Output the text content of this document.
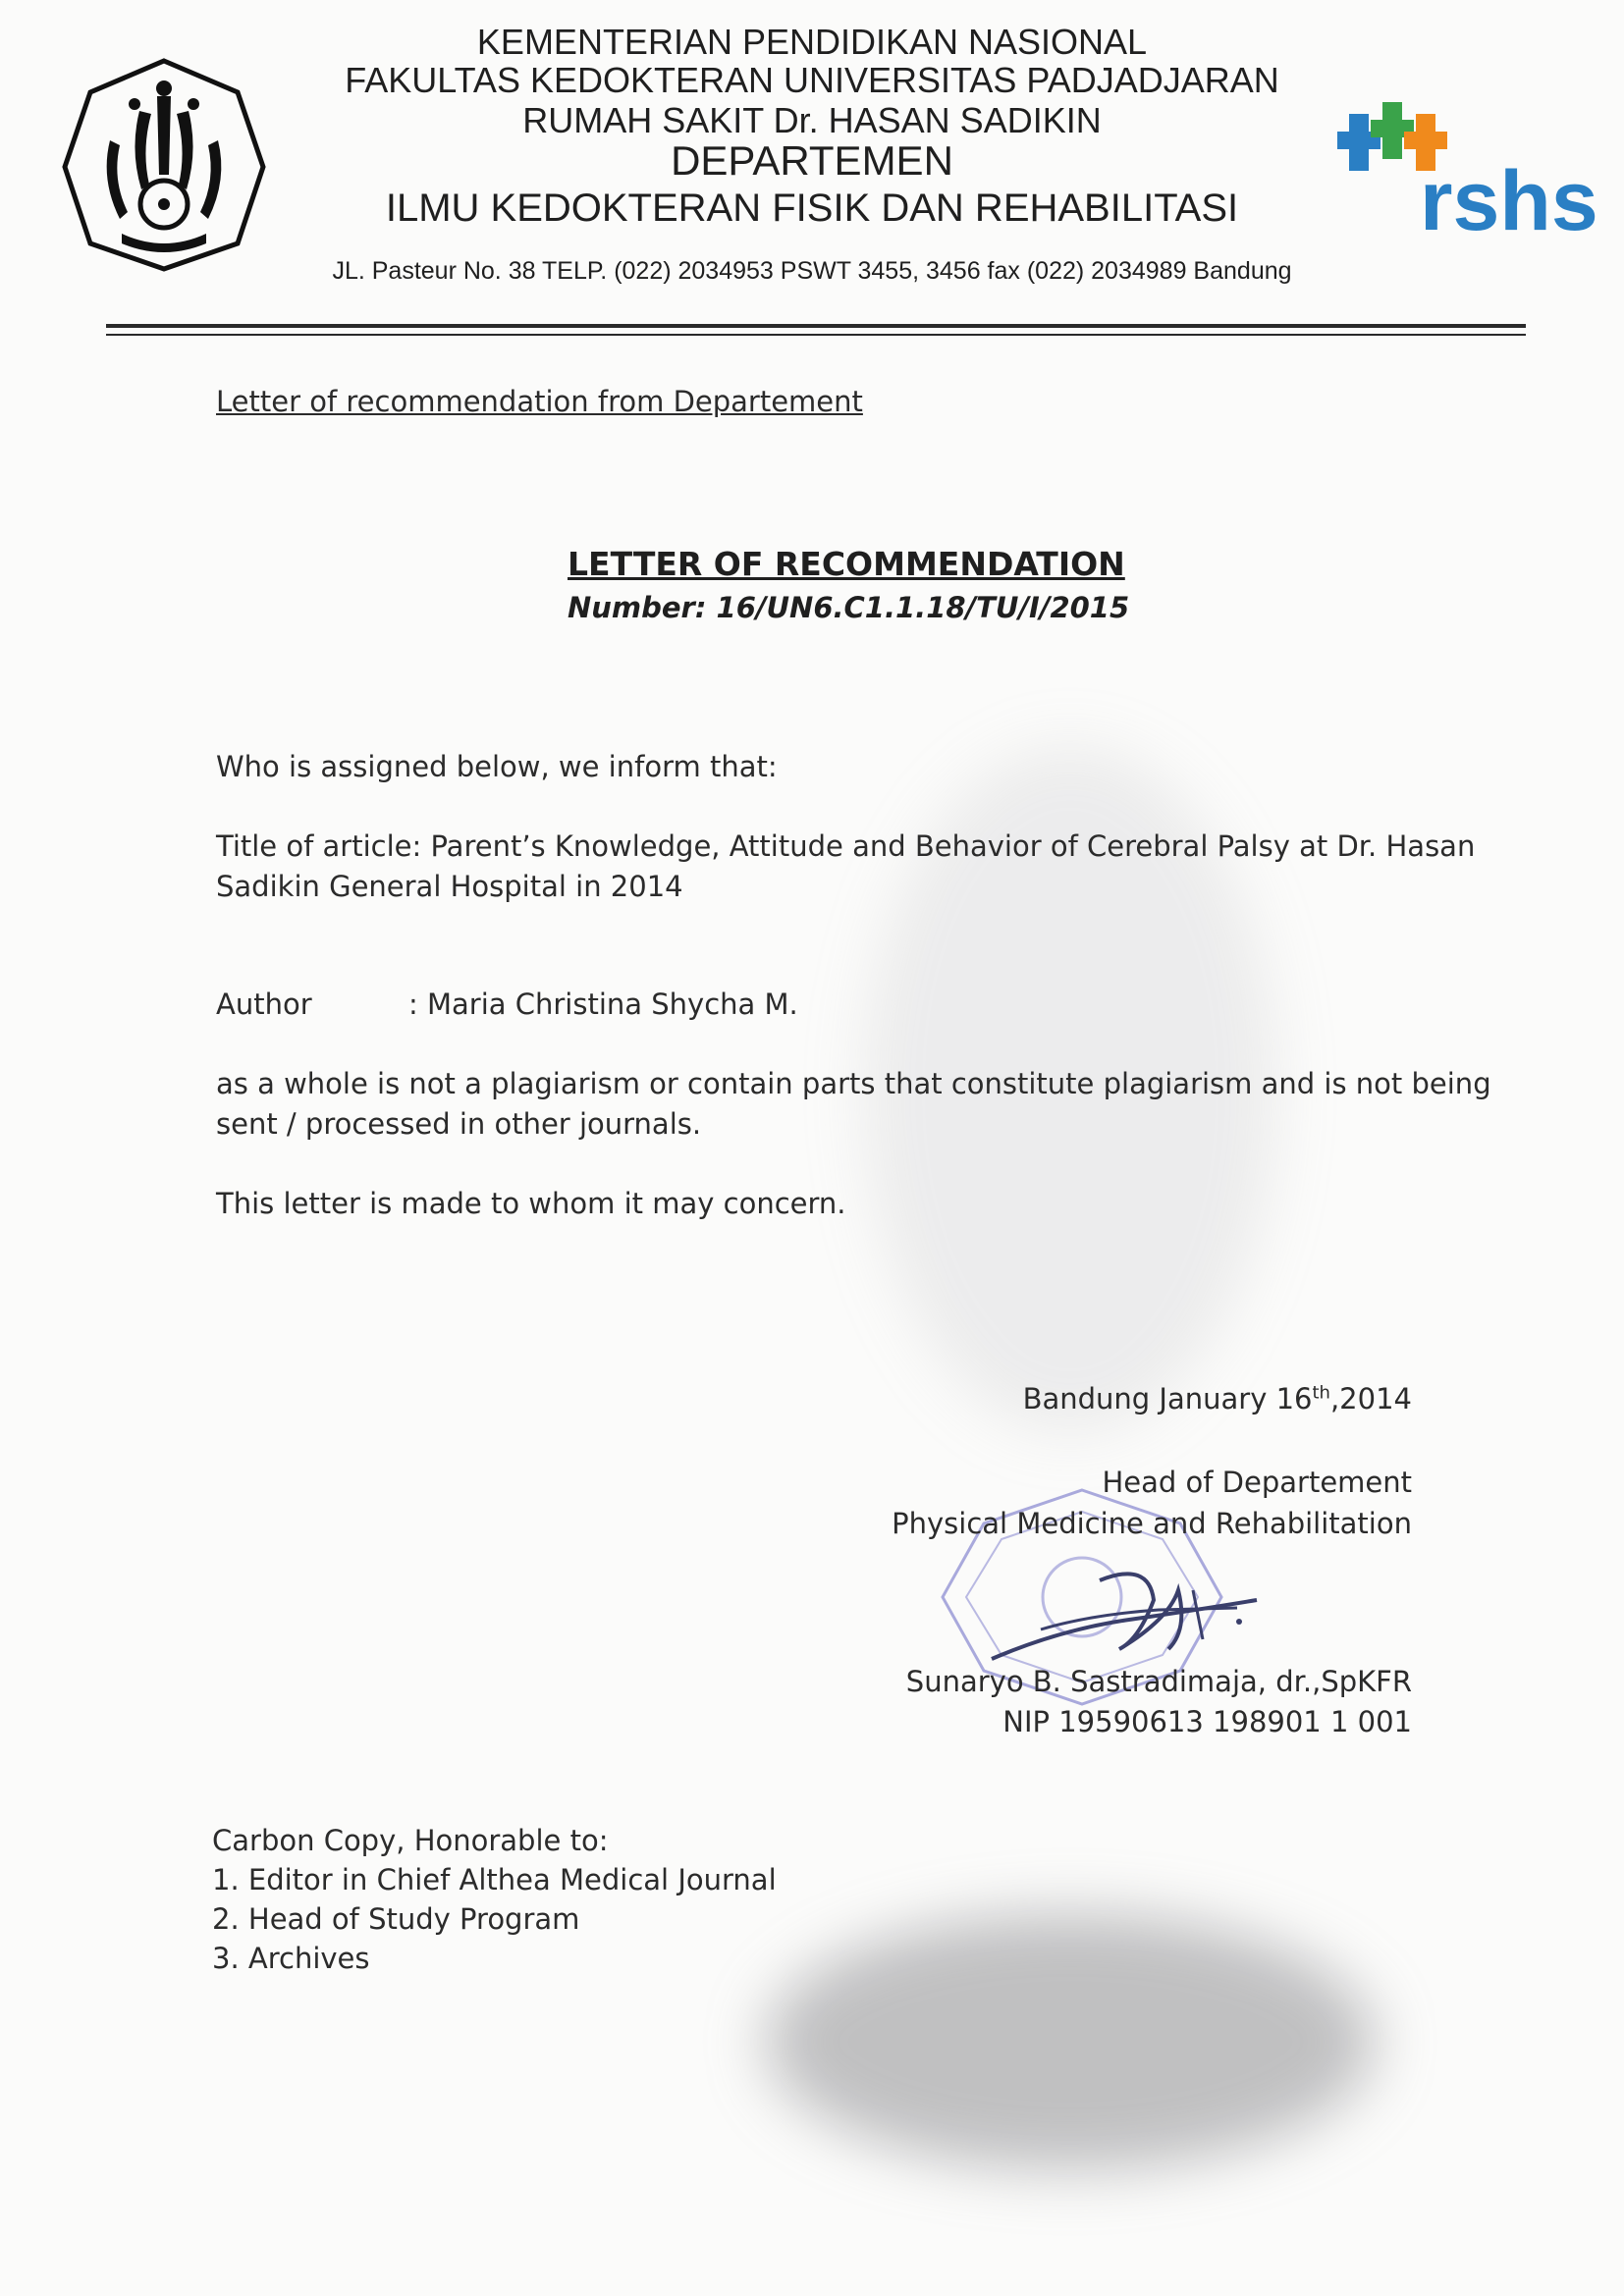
rshs
KEMENTERIAN PENDIDIKAN NASIONAL
FAKULTAS KEDOKTERAN UNIVERSITAS PADJADJARAN
RUMAH SAKIT Dr. HASAN SADIKIN
DEPARTEMEN
ILMU KEDOKTERAN FISIK DAN REHABILITASI
JL. Pasteur No. 38 TELP. (022) 2034953 PSWT 3455, 3456 fax (022) 2034989 Bandung
Letter of recommendation from Departement
LETTER OF RECOMMENDATION
Number: 16/UN6.C1.1.18/TU/I/2015
Who is assigned below, we inform that:
Title of article: Parent’s Knowledge, Attitude and Behavior of Cerebral Palsy at Dr. Hasan
Sadikin General Hospital in 2014
Author	: Maria Christina Shycha M.
as a whole is not a plagiarism or contain parts that constitute plagiarism and is not being
sent / processed in other journals.
This letter is made to whom it may concern.
Bandung January 16th,2014
Head of Departement
Physical Medicine and Rehabilitation
Sunaryo B. Sastradimaja, dr.,SpKFR
NIP 19590613 198901 1 001
Carbon Copy, Honorable to:
1. Editor in Chief Althea Medical Journal
2. Head of Study Program
3. Archives
